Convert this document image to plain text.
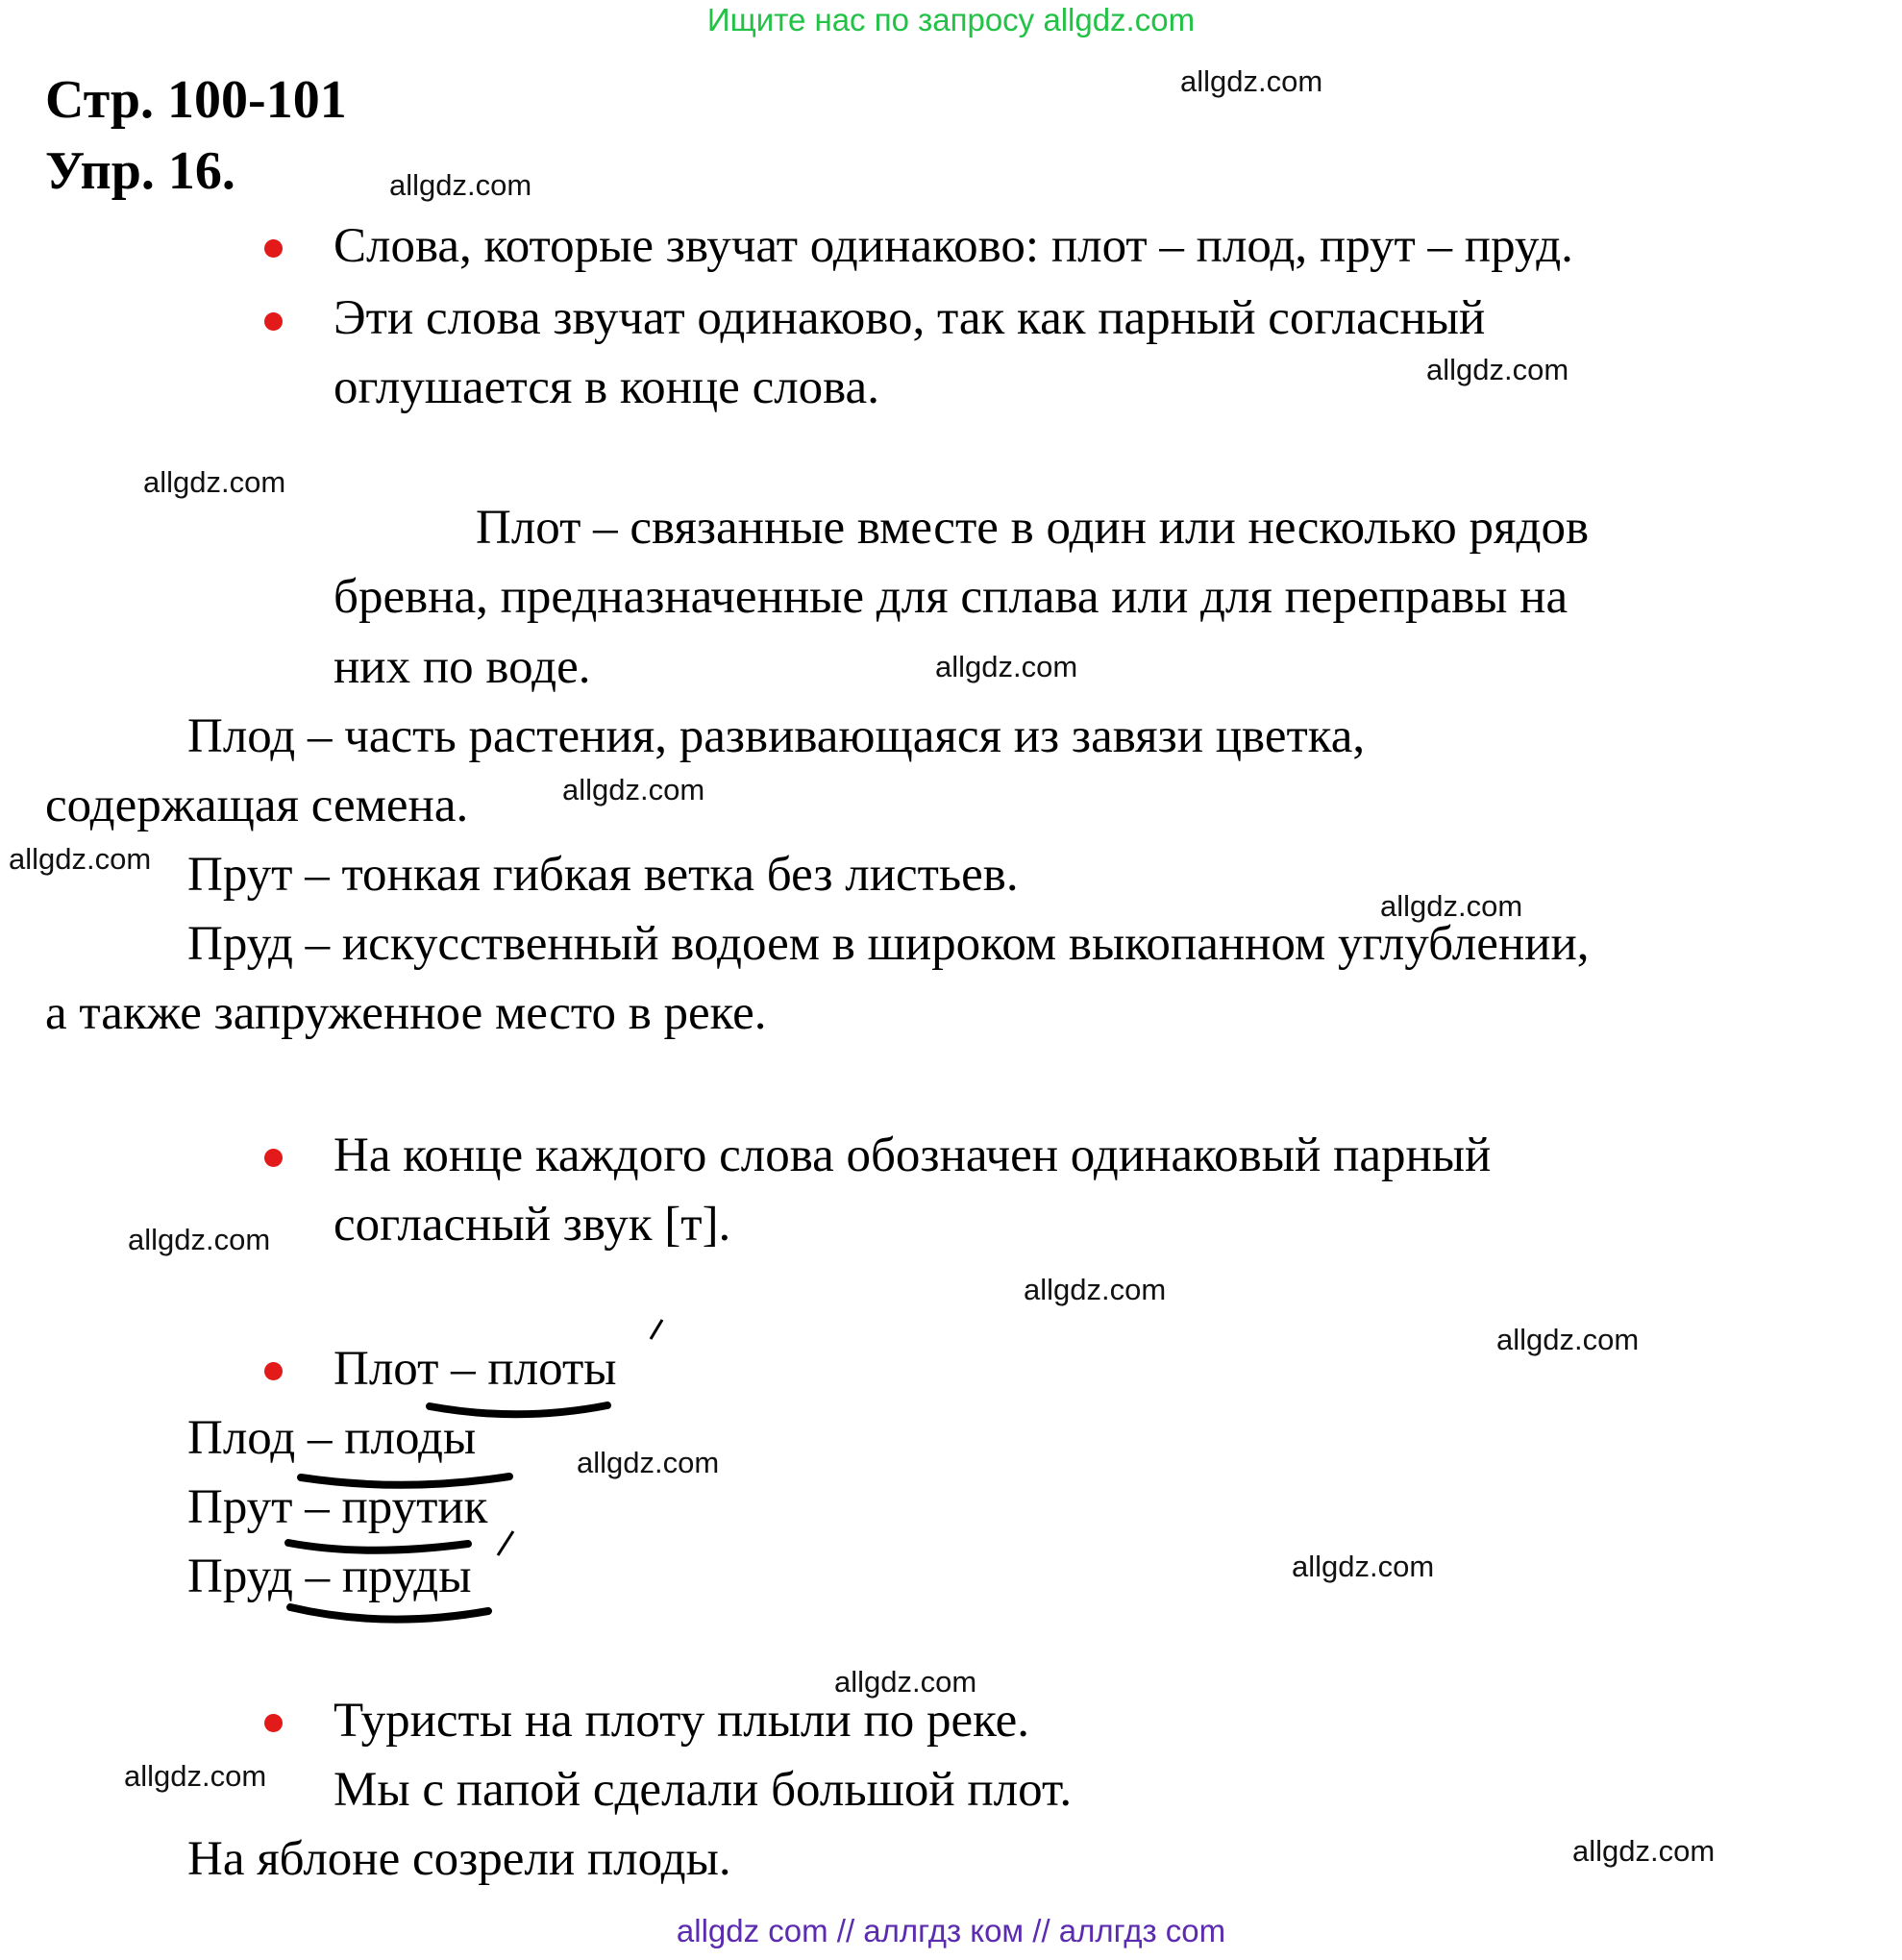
Ищите нас по запросу allgdz.com
Стр. 100-101
Упр. 16.
Слова, которые звучат одинаково: плот – плод, прут – пруд.
Эти слова звучат одинаково, так как парный согласный
оглушается в конце слова.
Плот – связанные вместе в один или несколько рядов
бревна, предназначенные для сплава или для переправы на
них по воде.
Плод – часть растения, развивающаяся из завязи цветка,
содержащая семена.
Прут – тонкая гибкая ветка без листьев.
Пруд – искусственный водоем в широком выкопанном углублении,
а также запруженное место в реке.
На конце каждого слова обозначен одинаковый парный
согласный звук [т].
Плот – плоты
Плод – плоды
Прут – прутик
Пруд – пруды
Туристы на плоту плыли по реке.
Мы с папой сделали большой плот.
На яблоне созрели плоды.
allgdz.com
allgdz.com
allgdz.com
allgdz.com
allgdz.com
allgdz.com
allgdz.com
allgdz.com
allgdz.com
allgdz.com
allgdz.com
allgdz.com
allgdz.com
allgdz.com
allgdz.com
allgdz.com
allgdz com // аллгдз ком // аллгдз com
